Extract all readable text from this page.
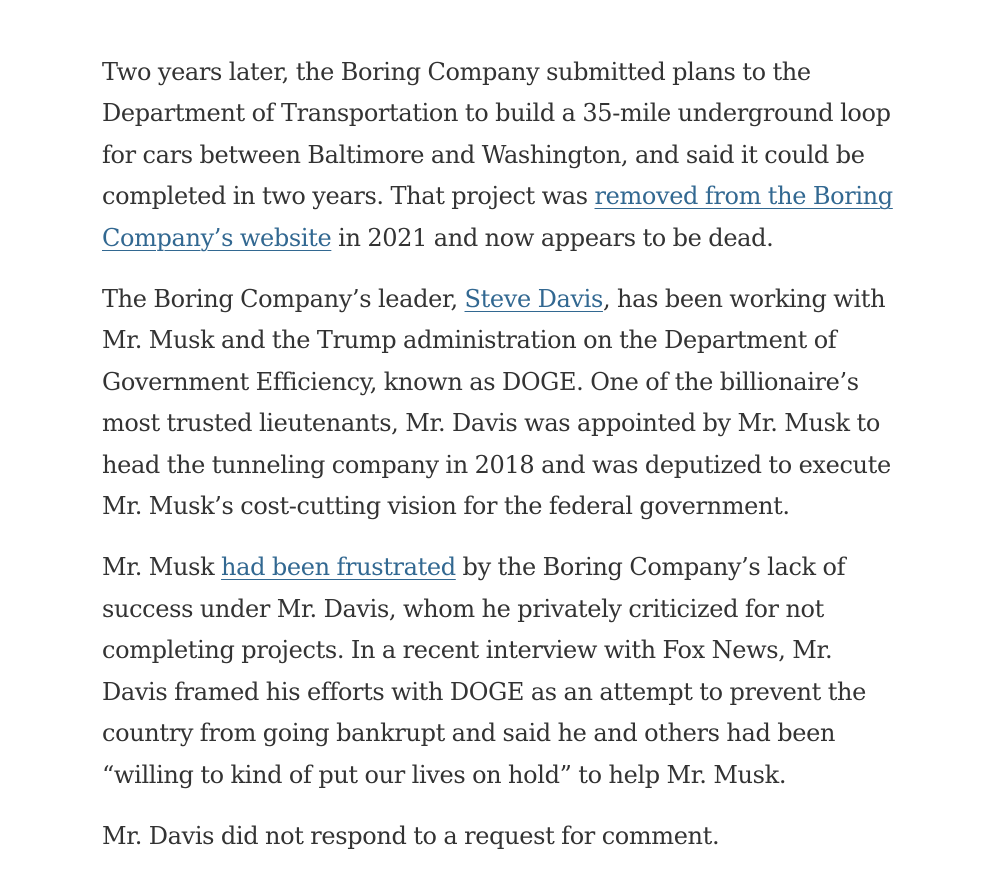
Two years later, the Boring Company submitted plans to the
Department of Transportation to build a 35-mile underground loop
for cars between Baltimore and Washington, and said it could be
completed in two years. That project was removed from the Boring
Company’s website in 2021 and now appears to be dead.

The Boring Company’s leader, Steve Davis, has been working with
Mr. Musk and the Trump administration on the Department of
Government Efficiency, known as DOGE. One of the billionaire’s
most trusted lieutenants, Mr. Davis was appointed by Mr. Musk to
head the tunneling company in 2018 and was deputized to execute
Mr. Musk’s cost-cutting vision for the federal government.

Mr. Musk had been frustrated by the Boring Company’s lack of
success under Mr. Davis, whom he privately criticized for not
completing projects. In a recent interview with Fox News, Mr.
Davis framed his efforts with DOGE as an attempt to prevent the
country from going bankrupt and said he and others had been
“willing to kind of put our lives on hold” to help Mr. Musk.

Mr. Davis did not respond to a request for comment.
